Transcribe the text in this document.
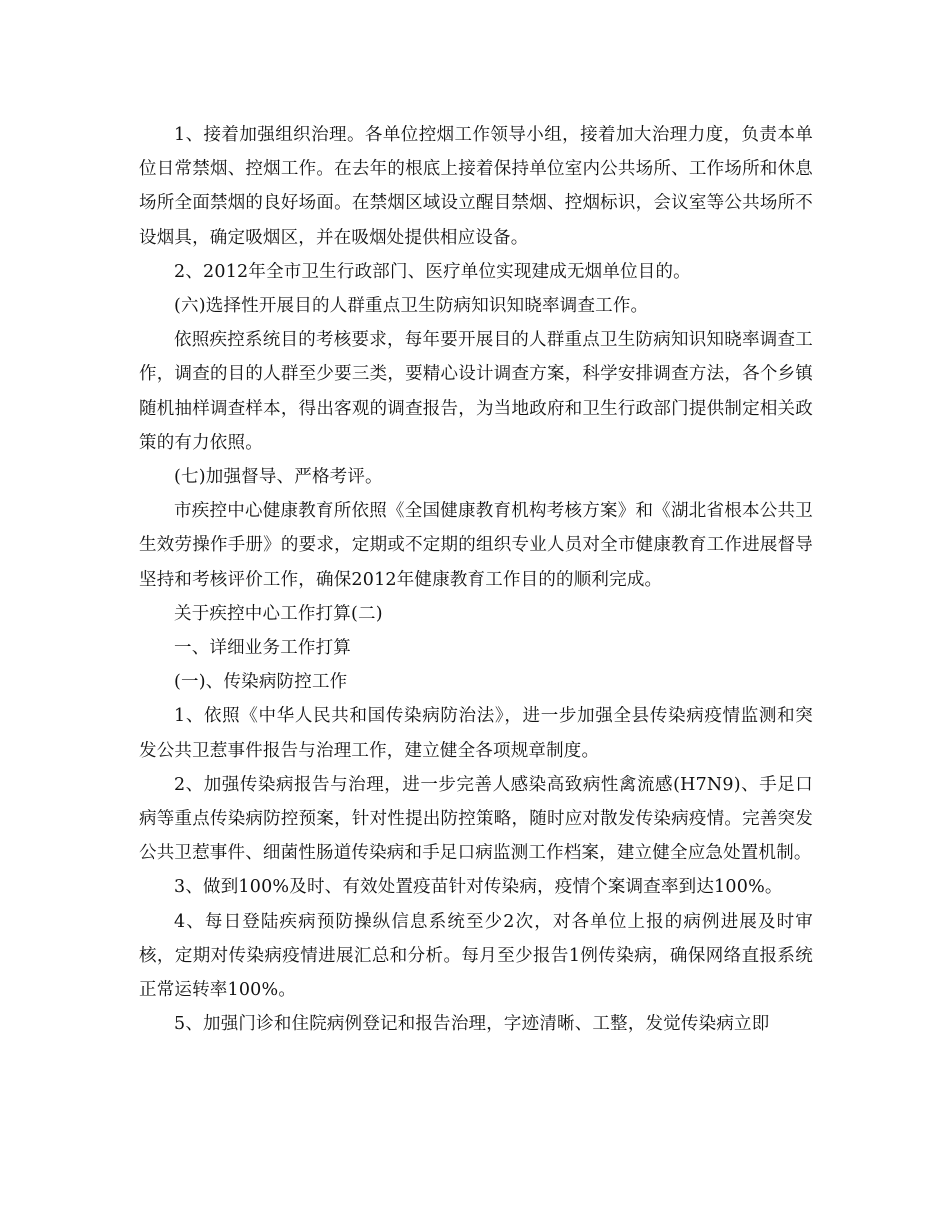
1、接着加强组织治理。各单位控烟工作领导小组，接着加大治理力度，负责本单位日常禁烟、控烟工作。在去年的根底上接着保持单位室内公共场所、工作场所和休息场所全面禁烟的良好场面。在禁烟区域设立醒目禁烟、控烟标识，会议室等公共场所不设烟具，确定吸烟区，并在吸烟处提供相应设备。

2、2012年全市卫生行政部门、医疗单位实现建成无烟单位目的。

(六)选择性开展目的人群重点卫生防病知识知晓率调查工作。

依照疾控系统目的考核要求，每年要开展目的人群重点卫生防病知识知晓率调查工作，调查的目的人群至少要三类，要精心设计调查方案，科学安排调查方法，各个乡镇随机抽样调查样本，得出客观的调查报告，为当地政府和卫生行政部门提供制定相关政策的有力依照。

(七)加强督导、严格考评。

市疾控中心健康教育所依照《全国健康教育机构考核方案》和《湖北省根本公共卫生效劳操作手册》的要求，定期或不定期的组织专业人员对全市健康教育工作进展督导坚持和考核评价工作，确保2012年健康教育工作目的的顺利完成。

关于疾控中心工作打算(二)

一、详细业务工作打算

(一)、传染病防控工作

1、依照《中华人民共和国传染病防治法》，进一步加强全县传染病疫情监测和突发公共卫惹事件报告与治理工作，建立健全各项规章制度。

2、加强传染病报告与治理，进一步完善人感染高致病性禽流感(H7N9)、手足口病等重点传染病防控预案，针对性提出防控策略，随时应对散发传染病疫情。完善突发公共卫惹事件、细菌性肠道传染病和手足口病监测工作档案，建立健全应急处置机制。

3、做到100%及时、有效处置疫苗针对传染病，疫情个案调查率到达100%。

4、每日登陆疾病预防操纵信息系统至少2次，对各单位上报的病例进展及时审核，定期对传染病疫情进展汇总和分析。每月至少报告1例传染病，确保网络直报系统正常运转率100%。

5、加强门诊和住院病例登记和报告治理，字迹清晰、工整，发觉传染病立即
